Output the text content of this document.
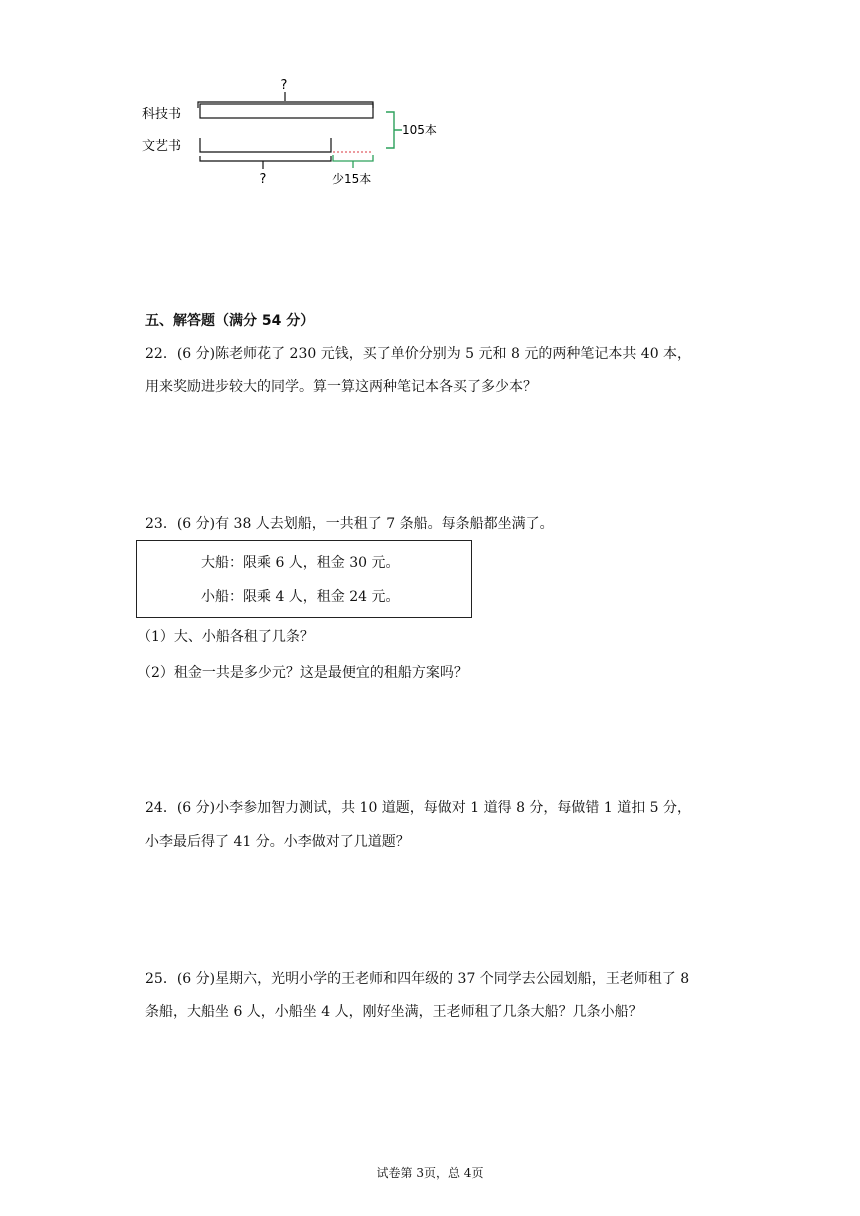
?
科技书
文艺书
?	少15本
105本
五、解答题（满分 54 分）
22．(6 分)陈老师花了 230 元钱，买了单价分别为 5 元和 8 元的两种笔记本共 40 本，
用来奖励进步较大的同学。算一算这两种笔记本各买了多少本？
23．(6 分)有 38 人去划船，一共租了 7 条船。每条船都坐满了。
大船：限乘 6 人，租金 30 元。
小船：限乘 4 人，租金 24 元。
（1）大、小船各租了几条？
（2）租金一共是多少元？这是最便宜的租船方案吗？
24．(6 分)小李参加智力测试，共 10 道题，每做对 1 道得 8 分，每做错 1 道扣 5 分，
小李最后得了 41 分。小李做对了几道题？
25．(6 分)星期六，光明小学的王老师和四年级的 37 个同学去公园划船，王老师租了 8
条船，大船坐 6 人，小船坐 4 人，刚好坐满，王老师租了几条大船？几条小船？
试卷第 3页，总 4页
